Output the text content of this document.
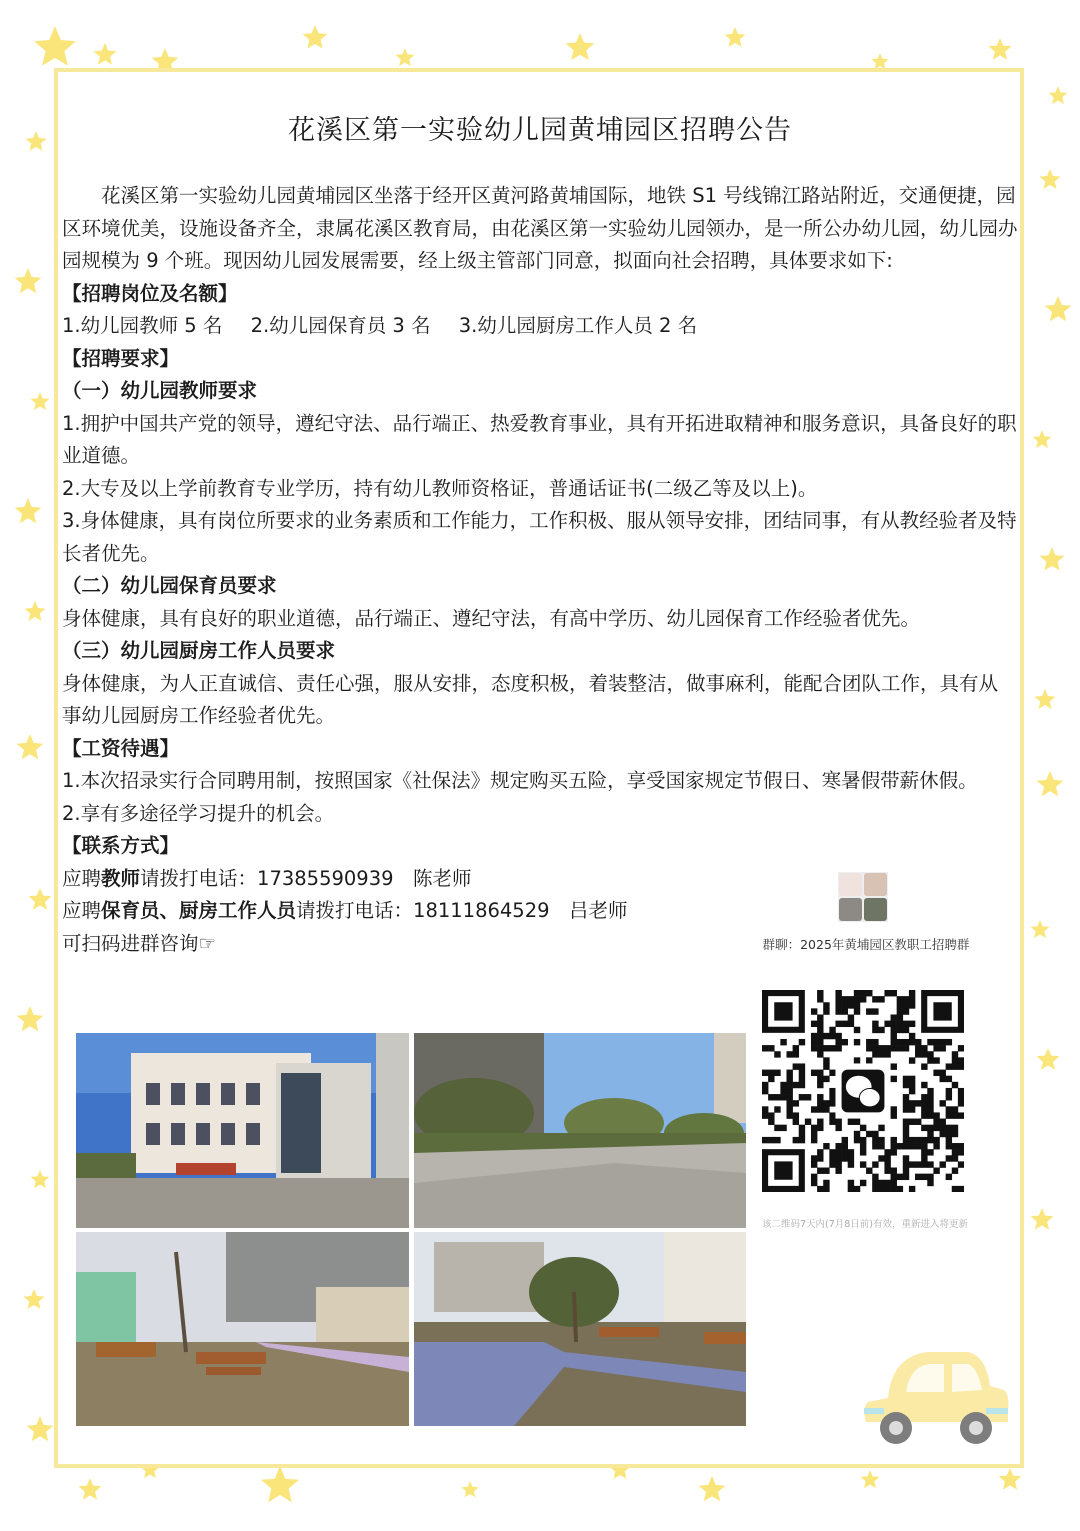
花溪区第一实验幼儿园黄埔园区招聘公告

花溪区第一实验幼儿园黄埔园区坐落于经开区黄河路黄埔国际，地铁 S1 号线锦江路站附近，交通便捷，园区环境优美，设施设备齐全，隶属花溪区教育局，由花溪区第一实验幼儿园领办，是一所公办幼儿园，幼儿园办园规模为 9 个班。现因幼儿园发展需要，经上级主管部门同意，拟面向社会招聘，具体要求如下:

【招聘岗位及名额】

1.幼儿园教师 5 名 2.幼儿园保育员 3 名 3.幼儿园厨房工作人员 2 名

【招聘要求】

（一）幼儿园教师要求

1.拥护中国共产党的领导，遵纪守法、品行端正、热爱教育事业，具有开拓进取精神和服务意识，具备良好的职业道德。

2.大专及以上学前教育专业学历，持有幼儿教师资格证，普通话证书(二级乙等及以上)。

3.身体健康，具有岗位所要求的业务素质和工作能力，工作积极、服从领导安排，团结同事，有从教经验者及特长者优先。

（二）幼儿园保育员要求

身体健康，具有良好的职业道德，品行端正、遵纪守法，有高中学历、幼儿园保育工作经验者优先。

（三）幼儿园厨房工作人员要求

身体健康，为人正直诚信、责任心强，服从安排，态度积极，着装整洁，做事麻利，能配合团队工作，具有从事幼儿园厨房工作经验者优先。

【工资待遇】

1.本次招录实行合同聘用制，按照国家《社保法》规定购买五险，享受国家规定节假日、寒暑假带薪休假。

2.享有多途径学习提升的机会。

【联系方式】

应聘教师请拨打电话：17385590939　陈老师

应聘保育员、厨房工作人员请拨打电话：18111864529　吕老师

可扫码进群咨询☞	群聊：2025年黄埔园区教职工招聘群
该二维码7天内(7月8日前)有效，重新进入将更新
